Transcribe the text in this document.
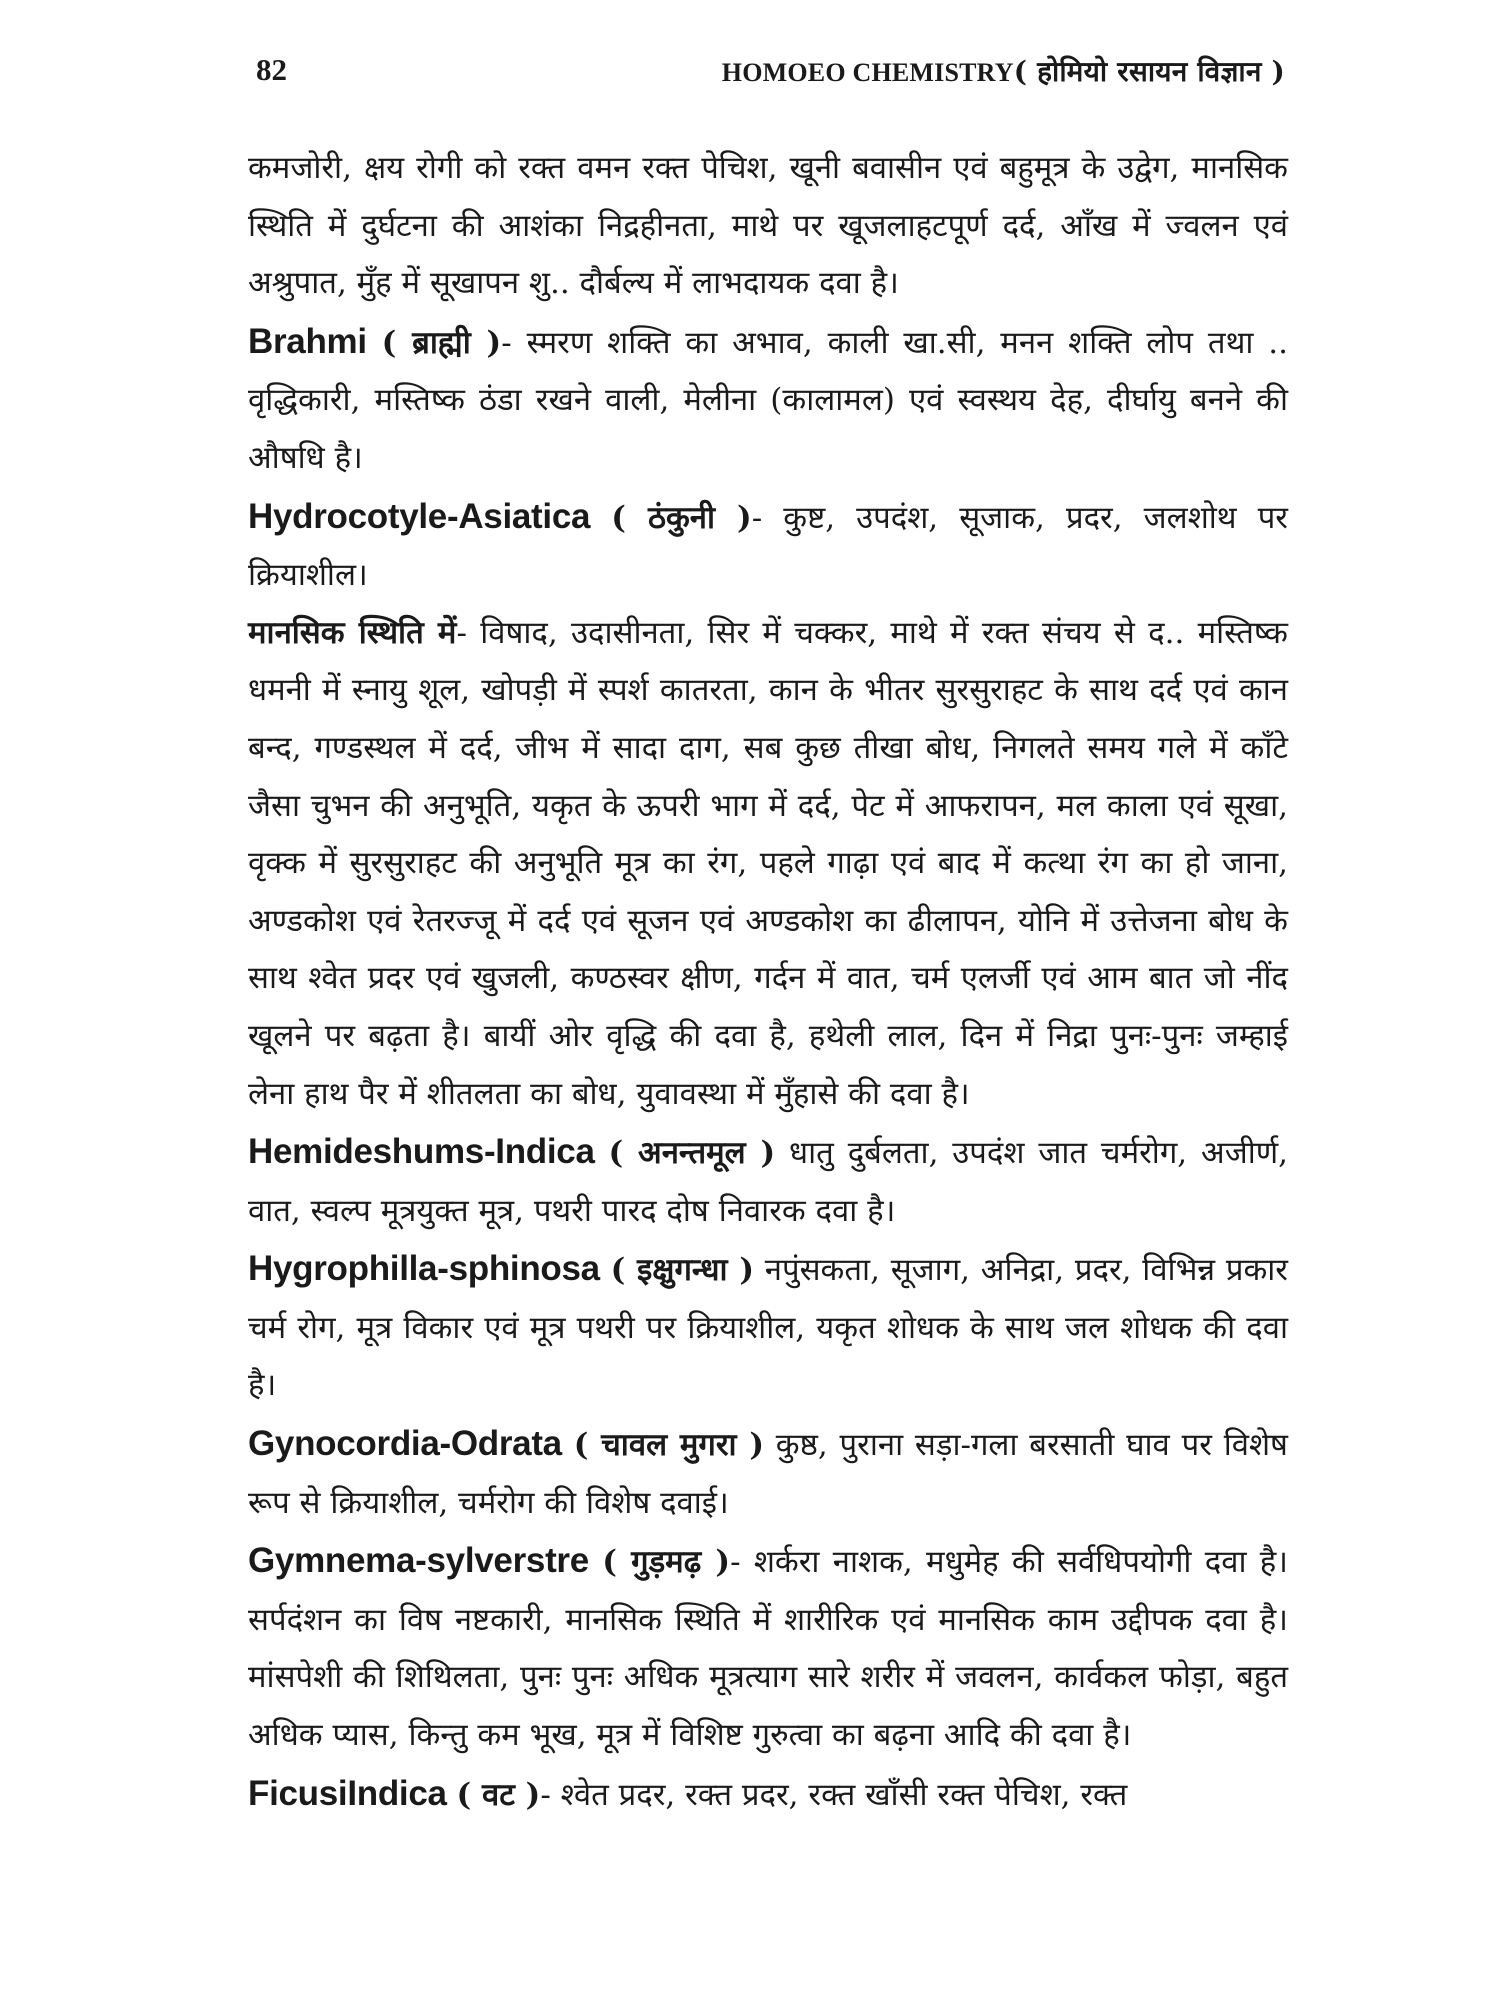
82	HOMOEO CHEMISTRY( होमियो रसायन विज्ञान )

कमजोरी, क्षय रोगी को रक्त वमन रक्त पेचिश, खूनी बवासीन एवं बहुमूत्र के उद्वेग, मानसिक स्थिति में दुर्घटना की आशंका निद्रहीनता, माथे पर खूजलाहटपूर्ण दर्द, आँख में ज्वलन एवं अश्रुपात, मुँह में सूखापन शु.. दौर्बल्य में लाभदायक दवा है।

Brahmi ( ब्राह्मी )- स्मरण शक्ति का अभाव, काली खा.सी, मनन शक्ति लोप तथा .. वृद्धिकारी, मस्तिष्क ठंडा रखने वाली, मेलीना (कालामल) एवं स्वस्थय देह, दीर्घायु बनने की औषधि है।

Hydrocotyle-Asiatica ( ठंकुनी )- कुष्ट, उपदंश, सूजाक, प्रदर, जलशोथ पर क्रियाशील।

मानसिक स्थिति में- विषाद, उदासीनता, सिर में चक्कर, माथे में रक्त संचय से द.. मस्तिष्क धमनी में स्नायु शूल, खोपड़ी में स्पर्श कातरता, कान के भीतर सुरसुराहट के साथ दर्द एवं कान बन्द, गण्डस्थल में दर्द, जीभ में सादा दाग, सब कुछ तीखा बोध, निगलते समय गले में काँटे जैसा चुभन की अनुभूति, यकृत के ऊपरी भाग में दर्द, पेट में आफरापन, मल काला एवं सूखा, वृक्क में सुरसुराहट की अनुभूति मूत्र का रंग, पहले गाढ़ा एवं बाद में कत्था रंग का हो जाना, अण्डकोश एवं रेतरज्जू में दर्द एवं सूजन एवं अण्डकोश का ढीलापन, योनि में उत्तेजना बोध के साथ श्वेत प्रदर एवं खुजली, कण्ठस्वर क्षीण, गर्दन में वात, चर्म एलर्जी एवं आम बात जो नींद खूलने पर बढ़ता है। बायीं ओर वृद्धि की दवा है, हथेली लाल, दिन में निद्रा पुनः-पुनः जम्हाई लेना हाथ पैर में शीतलता का बोध, युवावस्था में मुँहासे की दवा है।

Hemideshums-Indica ( अनन्तमूल ) धातु दुर्बलता, उपदंश जात चर्मरोग, अजीर्ण, वात, स्वल्प मूत्रयुक्त मूत्र, पथरी पारद दोष निवारक दवा है।

Hygrophilla-sphinosa ( इक्षुगन्धा ) नपुंसकता, सूजाग, अनिद्रा, प्रदर, विभिन्न प्रकार चर्म रोग, मूत्र विकार एवं मूत्र पथरी पर क्रियाशील, यकृत शोधक के साथ जल शोधक की दवा है।

Gynocordia-Odrata ( चावल मुगरा ) कुष्ठ, पुराना सड़ा-गला बरसाती घाव पर विशेष रूप से क्रियाशील, चर्मरोग की विशेष दवाई।

Gymnema-sylverstre ( गुड़मढ़ )- शर्करा नाशक, मधुमेह की सर्वधिपयोगी दवा है। सर्पदंशन का विष नष्टकारी, मानसिक स्थिति में शारीरिक एवं मानसिक काम उद्दीपक दवा है। मांसपेशी की शिथिलता, पुनः पुनः अधिक मूत्रत्याग सारे शरीर में जवलन, कार्वकल फोड़ा, बहुत अधिक प्यास, किन्तु कम भूख, मूत्र में विशिष्ट गुरुत्वा का बढ़ना आदि की दवा है।

FicusiIndica ( वट )- श्वेत प्रदर, रक्त प्रदर, रक्त खाँसी रक्त पेचिश, रक्त
